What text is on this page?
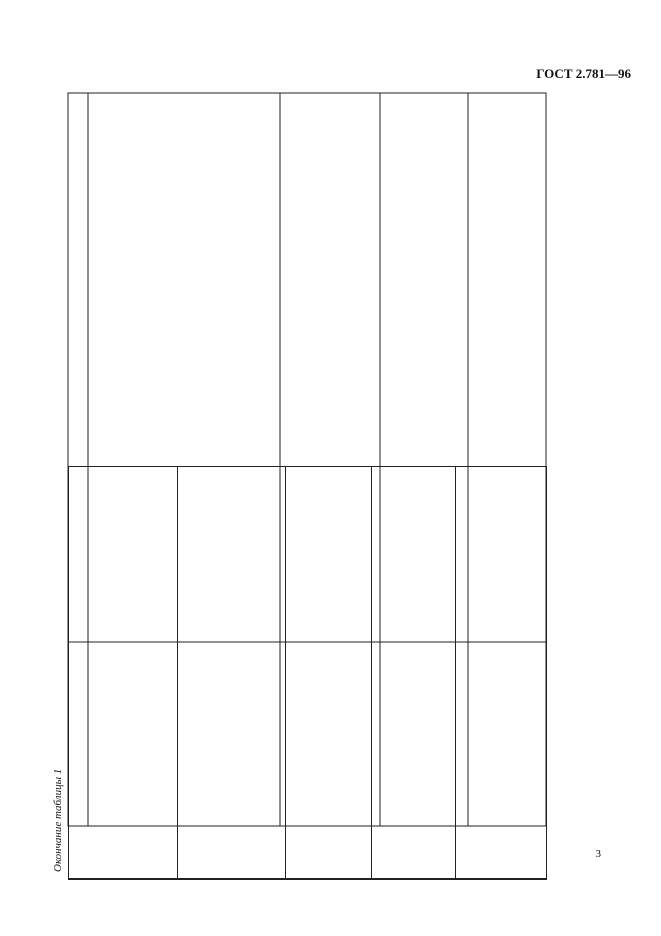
ГОСТ 2.781—96
3
Окончание таблицы 1
